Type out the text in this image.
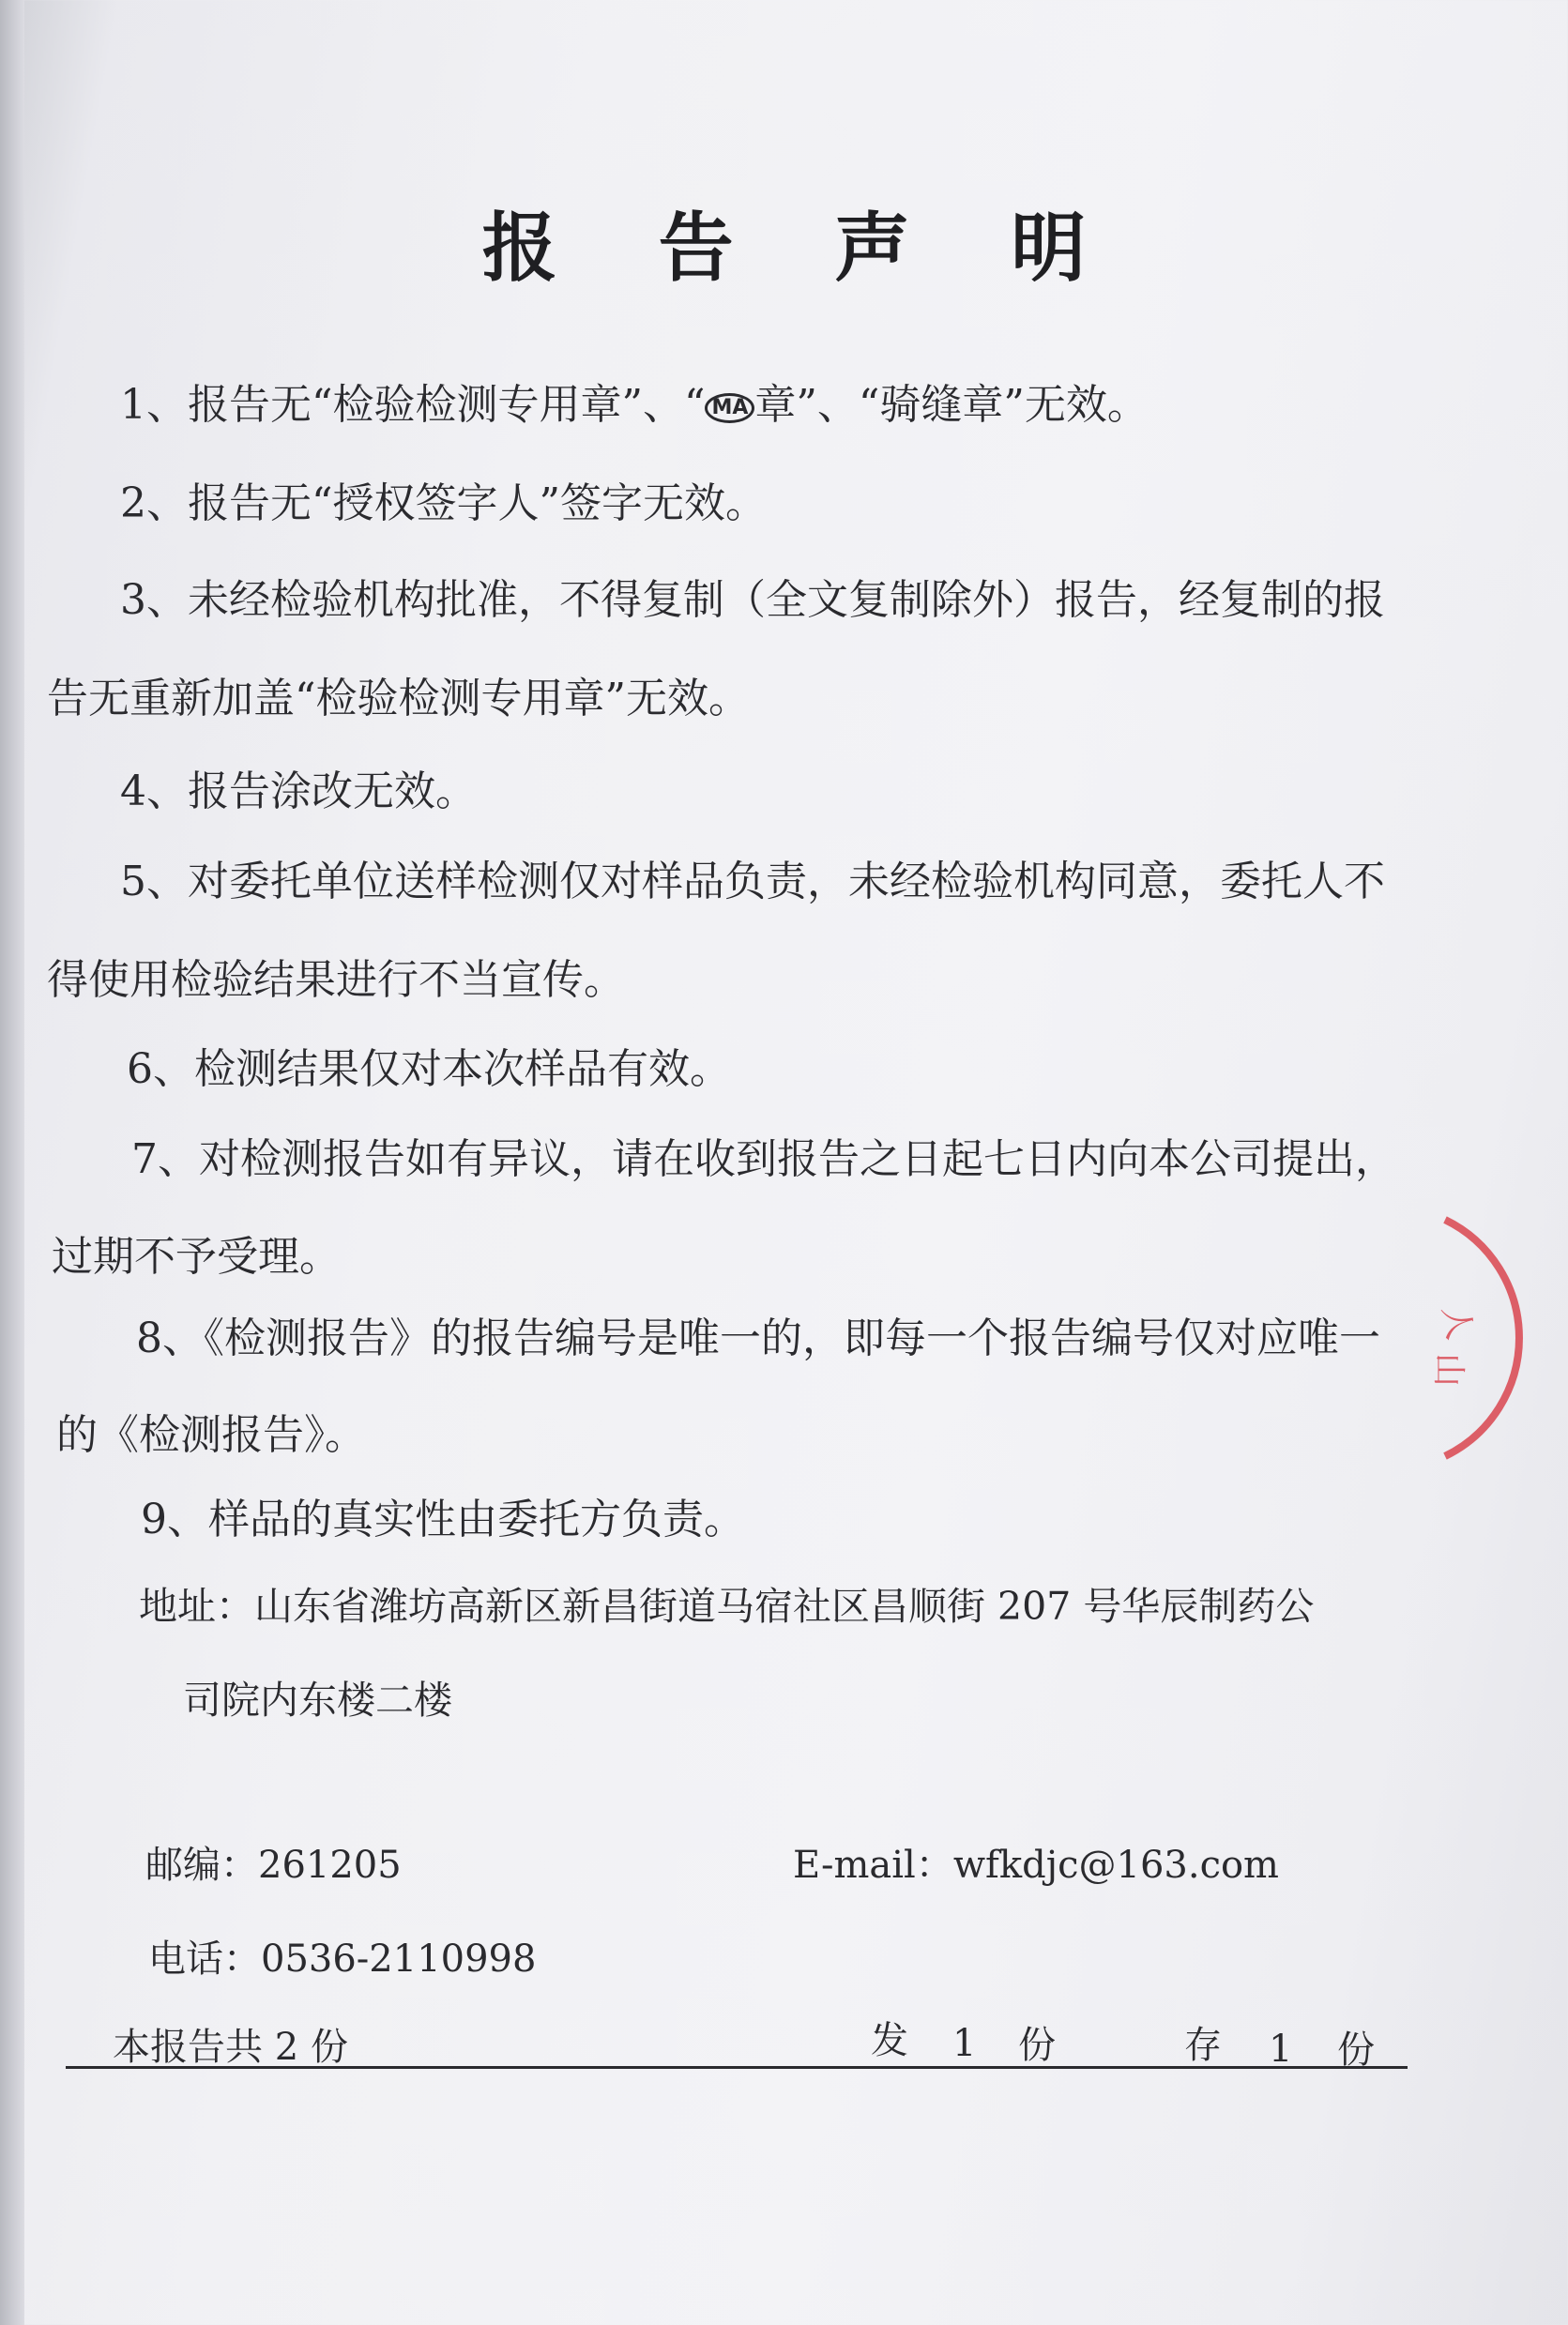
报 告 声 明
1、报告无“检验检测专用章”、“ MA 章”、“骑缝章”无效。
2、报告无“授权签字人”签字无效。
3、未经检验机构批准，不得复制（全文复制除外）报告，经复制的报
告无重新加盖“检验检测专用章”无效。
4、报告涂改无效。
5、对委托单位送样检测仅对样品负责，未经检验机构同意，委托人不
得使用检验结果进行不当宣传。
6、检测结果仅对本次样品有效。
7、对检测报告如有异议，请在收到报告之日起七日内向本公司提出，
过期不予受理。
8、《检测报告》的报告编号是唯一的，即每一个报告编号仅对应唯一
的《检测报告》。
9、样品的真实性由委托方负责。
地址：山东省潍坊高新区新昌街道马宿社区昌顺街 207 号华辰制药公
司院内东楼二楼
邮编：261205	E-mail：wfkdjc@163.com
电话：0536-2110998
本报告共 2 份	发 1 份	存 1 份
人
山
